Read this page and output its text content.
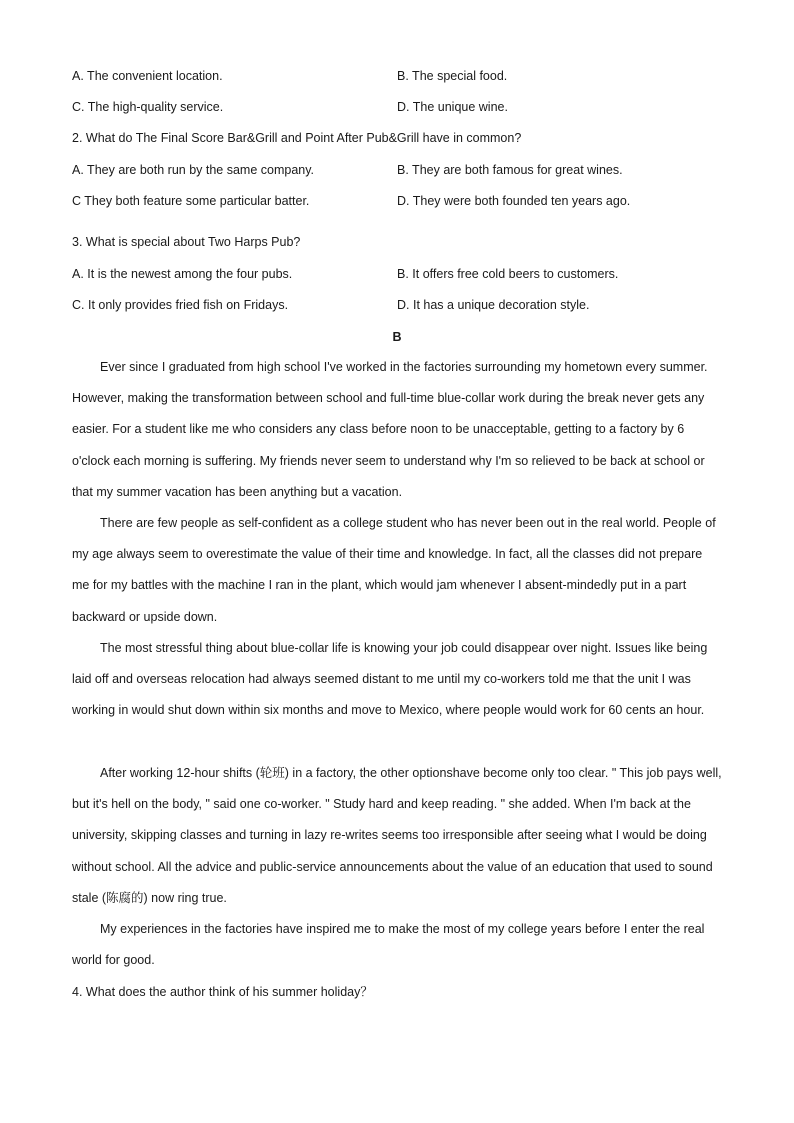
A. The convenient location.	B. The special food.
C. The high-quality service.	D. The unique wine.
2. What do The Final Score Bar&Grill and Point After Pub&Grill have in common?
A. They are both run by the same company.	B. They are both famous for great wines.
C They both feature some particular batter.	D. They were both founded ten years ago.
3. What is special about Two Harps Pub?
A. It is the newest among the four pubs.	B. It offers free cold beers to customers.
C. It only provides fried fish on Fridays.	D. It has a unique decoration style.
B
Ever since I graduated from high school I've worked in the factories surrounding my hometown every summer. However, making the transformation between school and full-time blue-collar work during the break never gets any easier. For a student like me who considers any class before noon to be unacceptable, getting to a factory by 6 o'clock each morning is suffering. My friends never seem to understand why I'm so relieved to be back at school or that my summer vacation has been anything but a vacation.
There are few people as self-confident as a college student who has never been out in the real world. People of my age always seem to overestimate the value of their time and knowledge. In fact, all the classes did not prepare me for my battles with the machine I ran in the plant, which would jam whenever I absent-mindedly put in a part backward or upside down.
The most stressful thing about blue-collar life is knowing your job could disappear over night. Issues like being laid off and overseas relocation had always seemed distant to me until my co-workers told me that the unit I was working in would shut down within six months and move to Mexico, where people would work for 60 cents an hour.
After working 12-hour shifts (轮班) in a factory, the other optionshave become only too clear. " This job pays well, but it's hell on the body, " said one co-worker. " Study hard and keep reading. " she added. When I'm back at the university, skipping classes and turning in lazy re-writes seems too irresponsible after seeing what I would be doing without school. All the advice and public-service announcements about the value of an education that used to sound stale (陈腐的) now ring true.
My experiences in the factories have inspired me to make the most of my college years before I enter the real world for good.
4. What does the author think of his summer holiday？
